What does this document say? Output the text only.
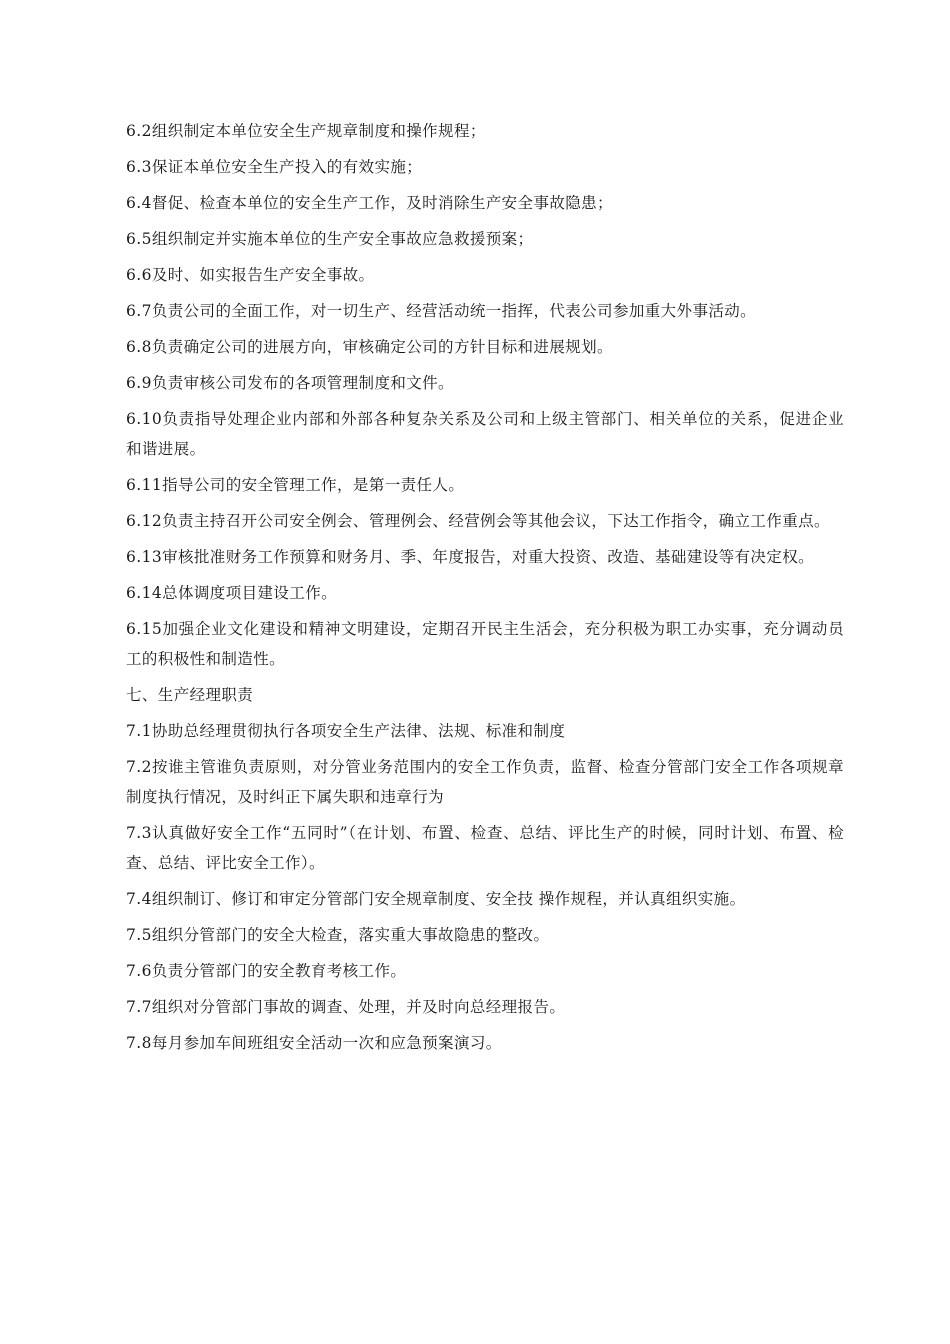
6.2组织制定本单位安全生产规章制度和操作规程；

6.3保证本单位安全生产投入的有效实施；

6.4督促、检查本单位的安全生产工作，及时消除生产安全事故隐患；

6.5组织制定并实施本单位的生产安全事故应急救援预案；

6.6及时、如实报告生产安全事故。

6.7负责公司的全面工作，对一切生产、经营活动统一指挥，代表公司参加重大外事活动。

6.8负责确定公司的进展方向，审核确定公司的方针目标和进展规划。

6.9负责审核公司发布的各项管理制度和文件。

6.10负责指导处理企业内部和外部各种复杂关系及公司和上级主管部门、相关单位的关系，促进企业和谐进展。

6.11指导公司的安全管理工作，是第一责任人。

6.12负责主持召开公司安全例会、管理例会、经营例会等其他会议，下达工作指令，确立工作重点。

6.13审核批准财务工作预算和财务月、季、年度报告，对重大投资、改造、基础建设等有决定权。

6.14总体调度项目建设工作。

6.15加强企业文化建设和精神文明建设，定期召开民主生活会，充分积极为职工办实事，充分调动员工的积极性和制造性。

七、生产经理职责

7.1协助总经理贯彻执行各项安全生产法律、法规、标准和制度

7.2按谁主管谁负责原则，对分管业务范围内的安全工作负责，监督、检查分管部门安全工作各项规章制度执行情况，及时纠正下属失职和违章行为

7.3认真做好安全工作“五同时”（在计划、布置、检查、总结、评比生产的时候，同时计划、布置、检查、总结、评比安全工作）。

7.4组织制订、修订和审定分管部门安全规章制度、安全技 操作规程，并认真组织实施。

7.5组织分管部门的安全大检查，落实重大事故隐患的整改。

7.6负责分管部门的安全教育考核工作。

7.7组织对分管部门事故的调查、处理，并及时向总经理报告。

7.8每月参加车间班组安全活动一次和应急预案演习。
